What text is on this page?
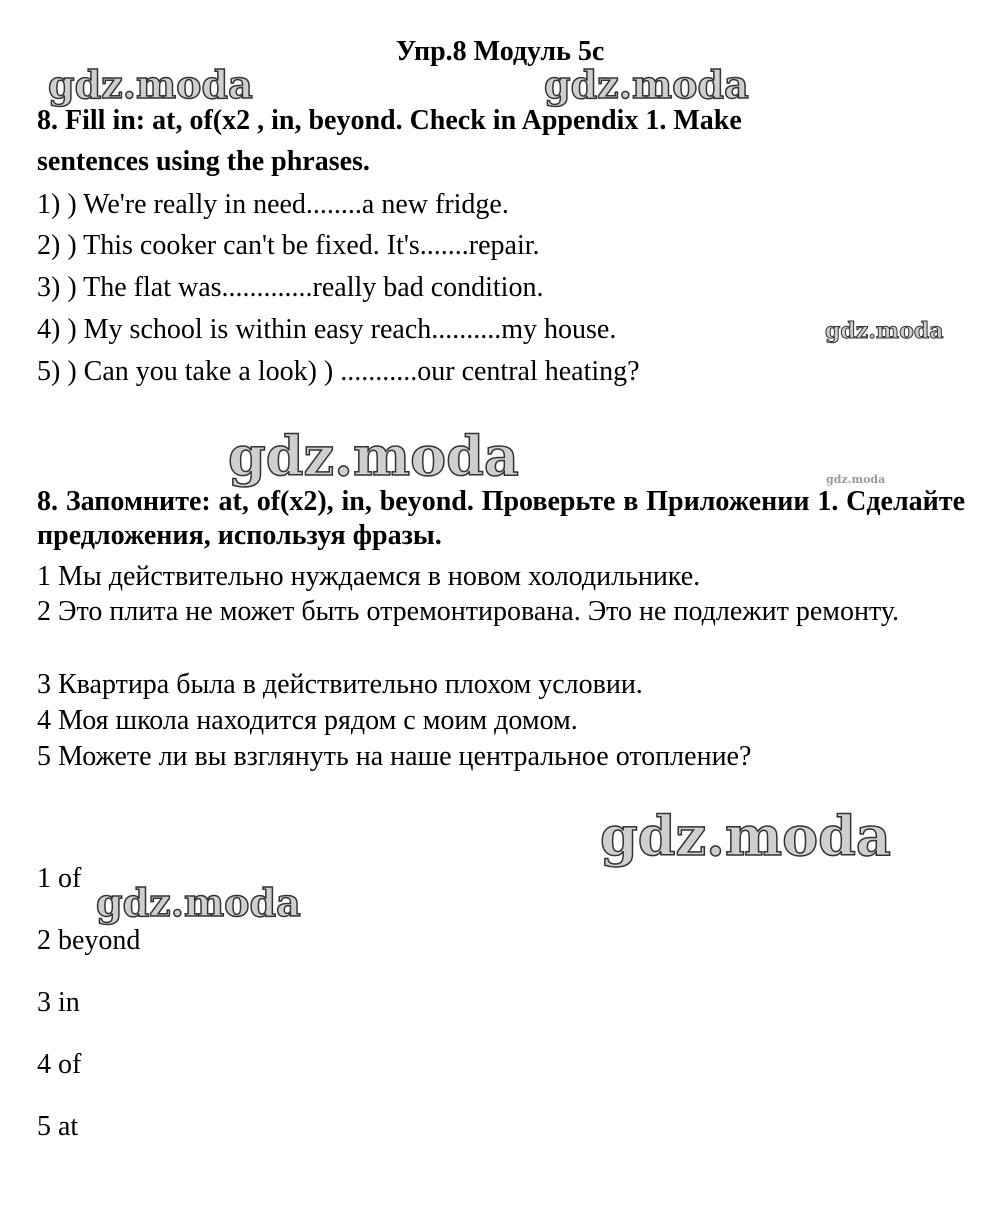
Упр.8 Модуль 5с
gdz.moda	gdz.moda
gdz.moda
gdz.moda	gdz.moda
gdz.moda
gdz.moda
8. Fill in: at, of(x2 , in, beyond. Check in Appendix 1. Make
sentences using the phrases.
1) ) We're really in need........a new fridge.
2) ) This cooker can't be fixed. It's.......repair.
3) ) The flat was.............really bad condition.
4) ) My school is within easy reach..........my house.
5) ) Can you take a look) ) ...........our central heating?
8. Запомните: at, of(x2), in, beyond. Проверьте в Приложении 1. Сделайте предложения, используя фразы.
1 Мы действительно нуждаемся в новом холодильнике.
2 Это плита не может быть отремонтирована. Это не подлежит ремонту.
3 Квартира была в действительно плохом условии.
4 Моя школа находится рядом с моим домом.
5 Можете ли вы взглянуть на наше центральное отопление?
1 of
2 beyond
3 in
4 of
5 at
